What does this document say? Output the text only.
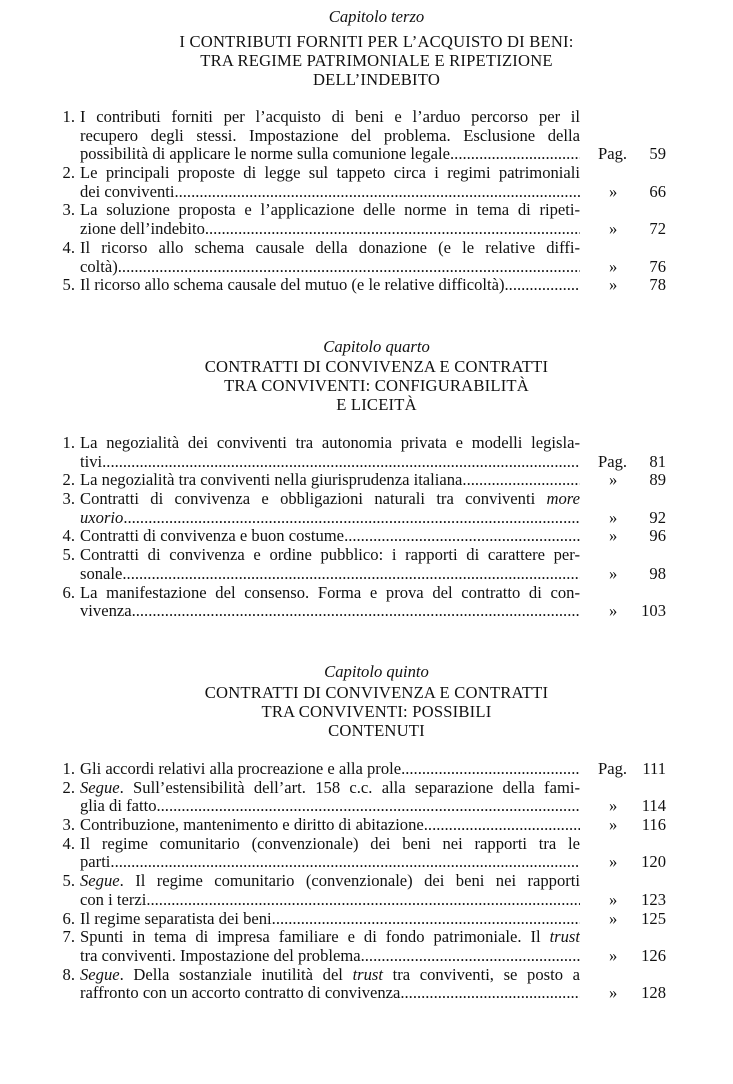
Capitolo terzo
I CONTRIBUTI FORNITI PER L’ACQUISTO DI BENI:
TRA REGIME PATRIMONIALE E RIPETIZIONE
DELL’INDEBITO
1. I contributi forniti per l’acquisto di beni e l’arduo percorso per il
recupero degli stessi. Impostazione del problema. Esclusione della
possibilità di applicare le norme sulla comunione legale. .....	Pag.	59
2. Le principali proposte di legge sul tappeto circa i regimi patrimoniali
dei conviventi .....	»	66
3. La soluzione proposta e l’applicazione delle norme in tema di ripeti-
zione dell’indebito .....	»	72
4. Il ricorso allo schema causale della donazione (e le relative diffi-
coltà) .....	»	76
5. Il ricorso allo schema causale del mutuo (e le relative difficoltà) .....	»	78
Capitolo quarto
CONTRATTI DI CONVIVENZA E CONTRATTI
TRA CONVIVENTI: CONFIGURABILITÀ
E LICEITÀ
1. La negozialità dei conviventi tra autonomia privata e modelli legisla-
tivi .....	Pag.	81
2. La negozialità tra conviventi nella giurisprudenza italiana .....	»	89
3. Contratti di convivenza e obbligazioni naturali tra conviventi more
uxorio .....	»	92
4. Contratti di convivenza e buon costume .....	»	96
5. Contratti di convivenza e ordine pubblico: i rapporti di carattere per-
sonale .....	»	98
6. La manifestazione del consenso. Forma e prova del contratto di con-
vivenza .....	»	103
Capitolo quinto
CONTRATTI DI CONVIVENZA E CONTRATTI
TRA CONVIVENTI: POSSIBILI
CONTENUTI
1. Gli accordi relativi alla procreazione e alla prole. .....	Pag. 111
2. Segue. Sull’estensibilità dell’art. 158 c.c. alla separazione della fami-
glia di fatto. .....	»	114
3. Contribuzione, mantenimento e diritto di abitazione .....	»	116
4. Il regime comunitario (convenzionale) dei beni nei rapporti tra le
parti. .....	»	120
5. Segue. Il regime comunitario (convenzionale) dei beni nei rapporti
con i terzi. .....	»	123
6. Il regime separatista dei beni. .....	»	125
7. Spunti in tema di impresa familiare e di fondo patrimoniale. Il trust
tra conviventi. Impostazione del problema. .....	»	126
8. Segue. Della sostanziale inutilità del trust tra conviventi, se posto a
raffronto con un accorto contratto di convivenza. .....	»	128
